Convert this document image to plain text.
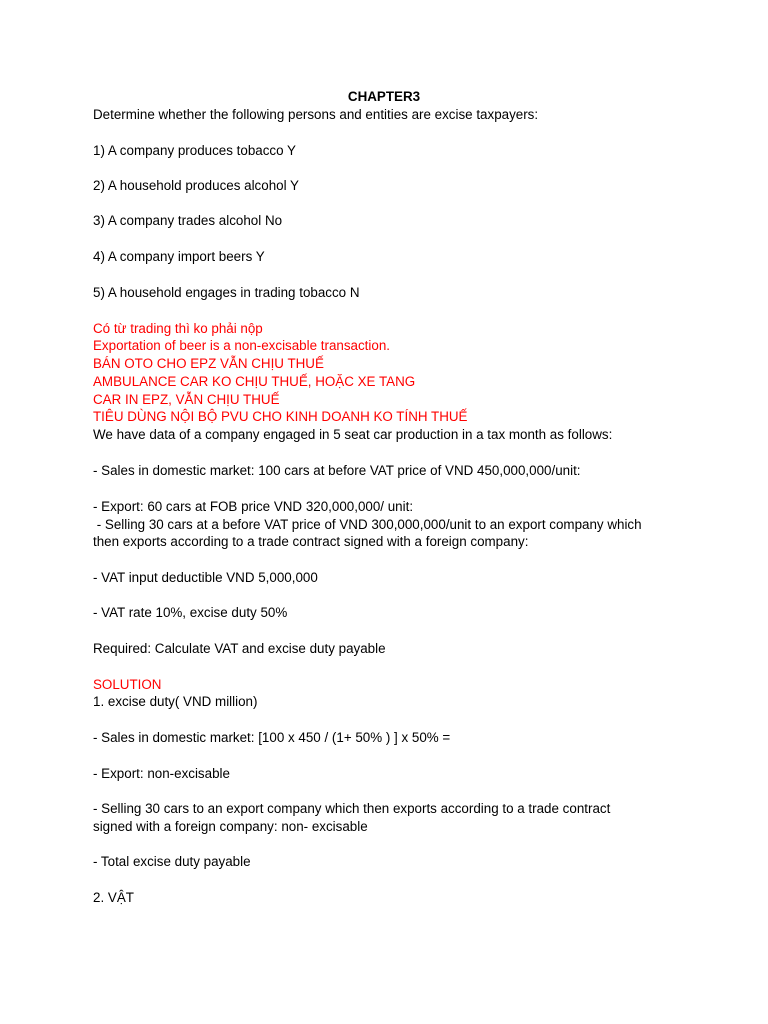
CHAPTER3
Determine whether the following persons and entities are excise taxpayers:
1) A company produces tobacco Y
2) A household produces alcohol Y
3) A company trades alcohol No
4) A company import beers Y
5) A household engages in trading tobacco N
Có từ trading thì ko phải nộp
Exportation of beer is a non-excisable transaction.
BÁN OTO CHO EPZ VẪN CHỊU THUẾ
AMBULANCE CAR KO CHỊU THUẾ, HOẶC XE TANG
CAR IN EPZ, VẪN CHỊU THUẾ
TIÊU DÙNG NỘI BỘ PVU CHO KINH DOANH KO TÍNH THUẾ
We have data of a company engaged in 5 seat car production in a tax month as follows:
- Sales in domestic market: 100 cars at before VAT price of VND 450,000,000/unit:
- Export: 60 cars at FOB price VND 320,000,000/ unit:
- Selling 30 cars at a before VAT price of VND 300,000,000/unit to an export company which
then exports according to a trade contract signed with a foreign company:
- VAT input deductible VND 5,000,000
- VAT rate 10%, excise duty 50%
Required: Calculate VAT and excise duty payable
SOLUTION
1. excise duty( VND million)
- Sales in domestic market: [100 x 450 / (1+ 50% ) ] x 50% =
- Export: non-excisable
- Selling 30 cars to an export company which then exports according to a trade contract
signed with a foreign company: non- excisable
- Total excise duty payable
2. VẬT
